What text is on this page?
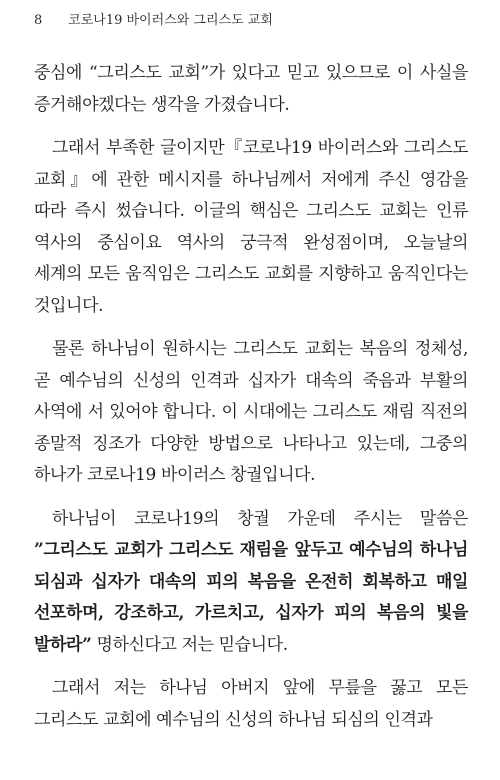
8 코로나19 바이러스와 그리스도 교회

중심에 “그리스도 교회”가 있다고 믿고 있으므로 이 사실을 증거해야겠다는 생각을 가졌습니다.

그래서 부족한 글이지만『코로나19 바이러스와 그리스도 교회』에 관한 메시지를 하나님께서 저에게 주신 영감을 따라 즉시 썼습니다. 이글의 핵심은 그리스도 교회는 인류 역사의 중심이요 역사의 궁극적 완성점이며, 오늘날의 세계의 모든 움직임은 그리스도 교회를 지향하고 움직인다는 것입니다.

물론 하나님이 원하시는 그리스도 교회는 복음의 정체성, 곧 예수님의 신성의 인격과 십자가 대속의 죽음과 부활의 사역에 서 있어야 합니다. 이 시대에는 그리스도 재림 직전의 종말적 징조가 다양한 방법으로 나타나고 있는데, 그중의 하나가 코로나19 바이러스 창궐입니다.

하나님이 코로나19의 창궐 가운데 주시는 말씀은 ”그리스도 교회가 그리스도 재림을 앞두고 예수님의 하나님 되심과 십자가 대속의 피의 복음을 온전히 회복하고 매일 선포하며, 강조하고, 가르치고, 십자가 피의 복음의 빛을 발하라” 명하신다고 저는 믿습니다.

그래서 저는 하나님 아버지 앞에 무릎을 꿇고 모든 그리스도 교회에 예수님의 신성의 하나님 되심의 인격과
